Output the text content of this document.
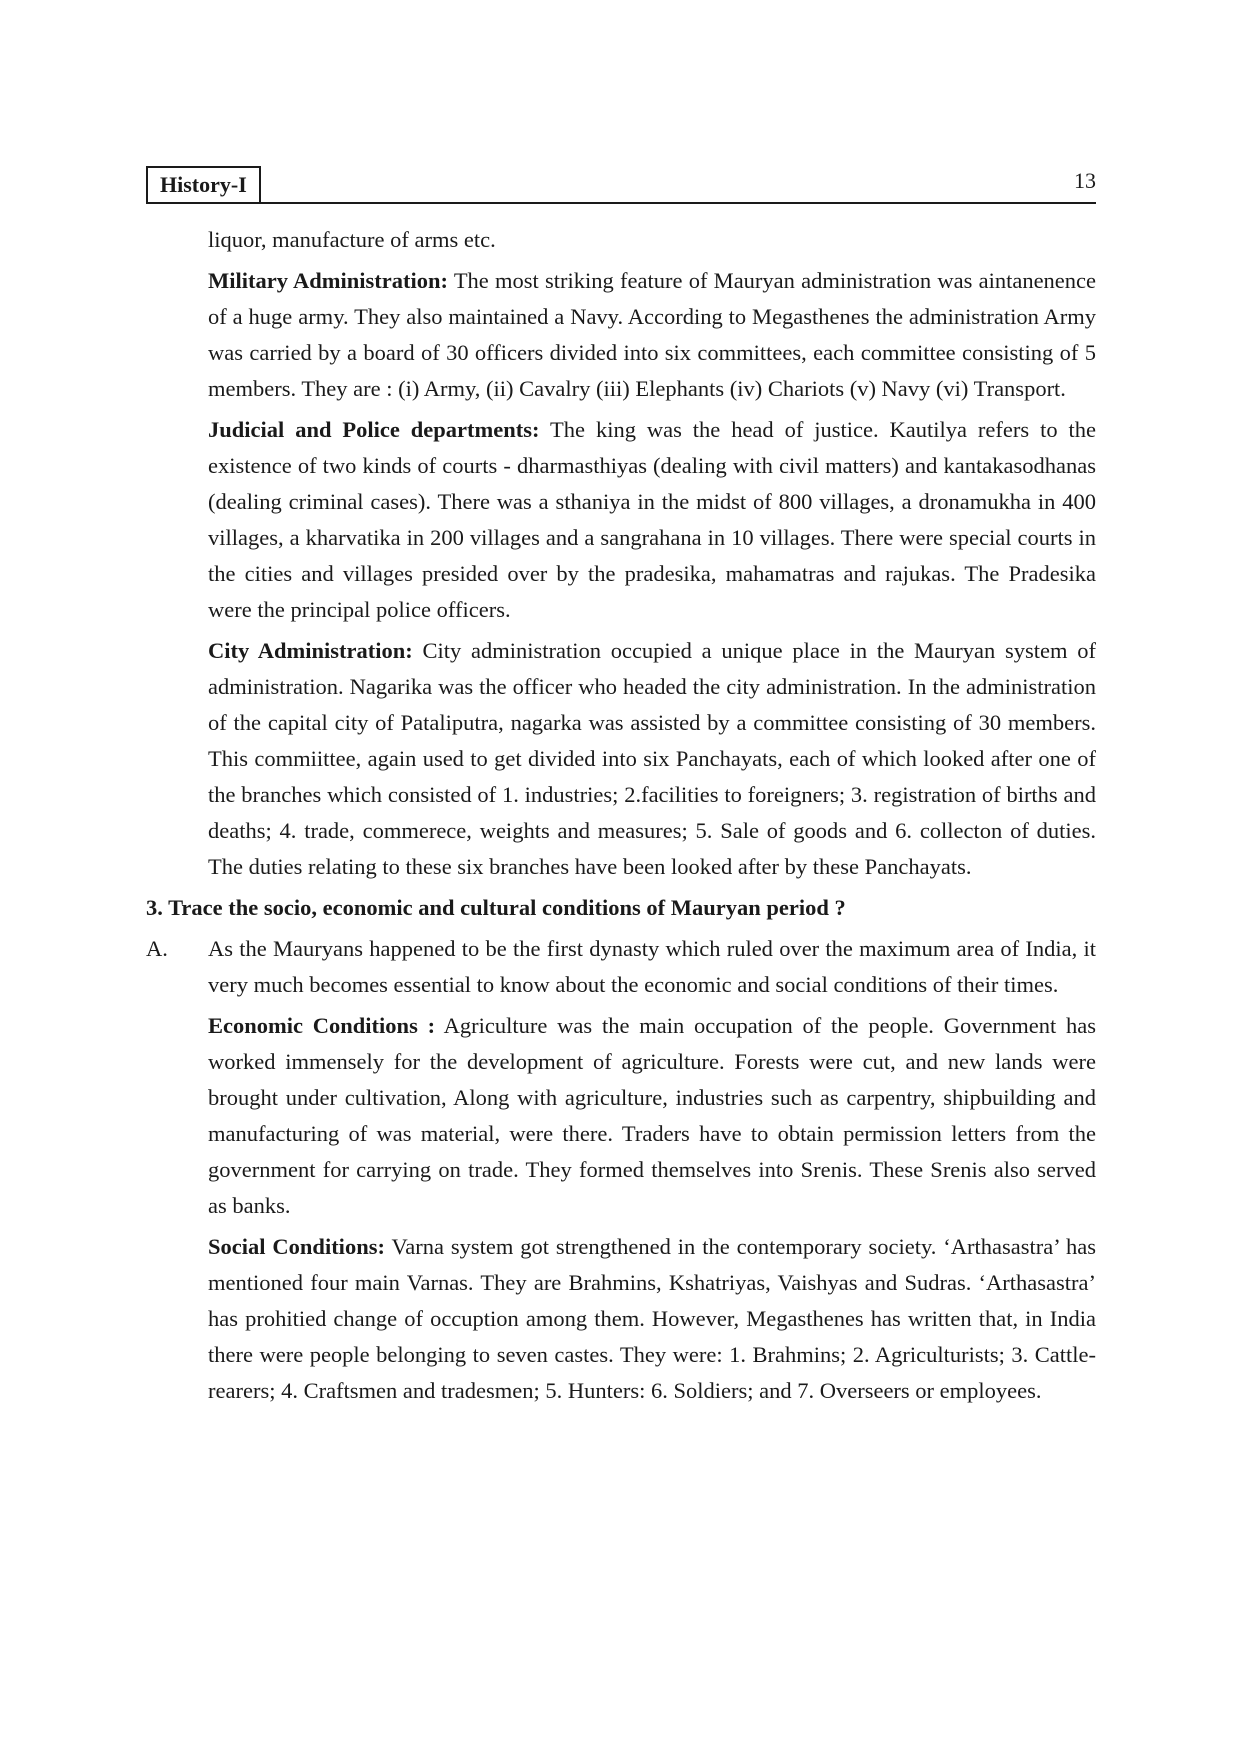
History-I	13

liquor, manufacture of arms etc.

Military Administration: The most striking feature of Mauryan administration was aintanenence of a huge army. They also maintained a Navy. According to Megasthenes the administration Army was carried by a board of 30 officers divided into six committees, each committee consisting of 5 members. They are : (i) Army, (ii) Cavalry (iii) Elephants (iv) Chariots (v) Navy (vi) Transport.

Judicial and Police departments: The king was the head of justice. Kautilya refers to the existence of two kinds of courts - dharmasthiyas (dealing with civil matters) and kantakasodhanas (dealing criminal cases). There was a sthaniya in the midst of 800 villages, a dronamukha in 400 villages, a kharvatika in 200 villages and a sangrahana in 10 villages. There were special courts in the cities and villages presided over by the pradesika, mahamatras and rajukas. The Pradesika were the principal police officers.

City Administration: City administration occupied a unique place in the Mauryan system of administration. Nagarika was the officer who headed the city administration. In the administration of the capital city of Pataliputra, nagarka was assisted by a committee consisting of 30 members. This commiittee, again used to get divided into six Panchayats, each of which looked after one of the branches which consisted of 1. industries; 2.facilities to foreigners; 3. registration of births and deaths; 4. trade, commerece, weights and measures; 5. Sale of goods and 6. collecton of duties. The duties relating to these six branches have been looked after by these Panchayats.

3. Trace the socio, economic and cultural conditions of Mauryan period ?

A.	As the Mauryans happened to be the first dynasty which ruled over the maximum area of India, it very much becomes essential to know about the economic and social conditions of their times.

Economic Conditions : Agriculture was the main occupation of the people. Government has worked immensely for the development of agriculture. Forests were cut, and new lands were brought under cultivation, Along with agriculture, industries such as carpentry, shipbuilding and manufacturing of was material, were there. Traders have to obtain permission letters from the government for carrying on trade. They formed themselves into Srenis. These Srenis also served as banks.

Social Conditions: Varna system got strengthened in the contemporary society. ‘Arthasastra’ has mentioned four main Varnas. They are Brahmins, Kshatriyas, Vaishyas and Sudras. ‘Arthasastra’ has prohitied change of occuption among them. However, Megasthenes has written that, in India there were people belonging to seven castes. They were: 1. Brahmins; 2. Agriculturists; 3. Cattle-rearers; 4. Craftsmen and tradesmen; 5. Hunters: 6. Soldiers; and 7. Overseers or employees.
